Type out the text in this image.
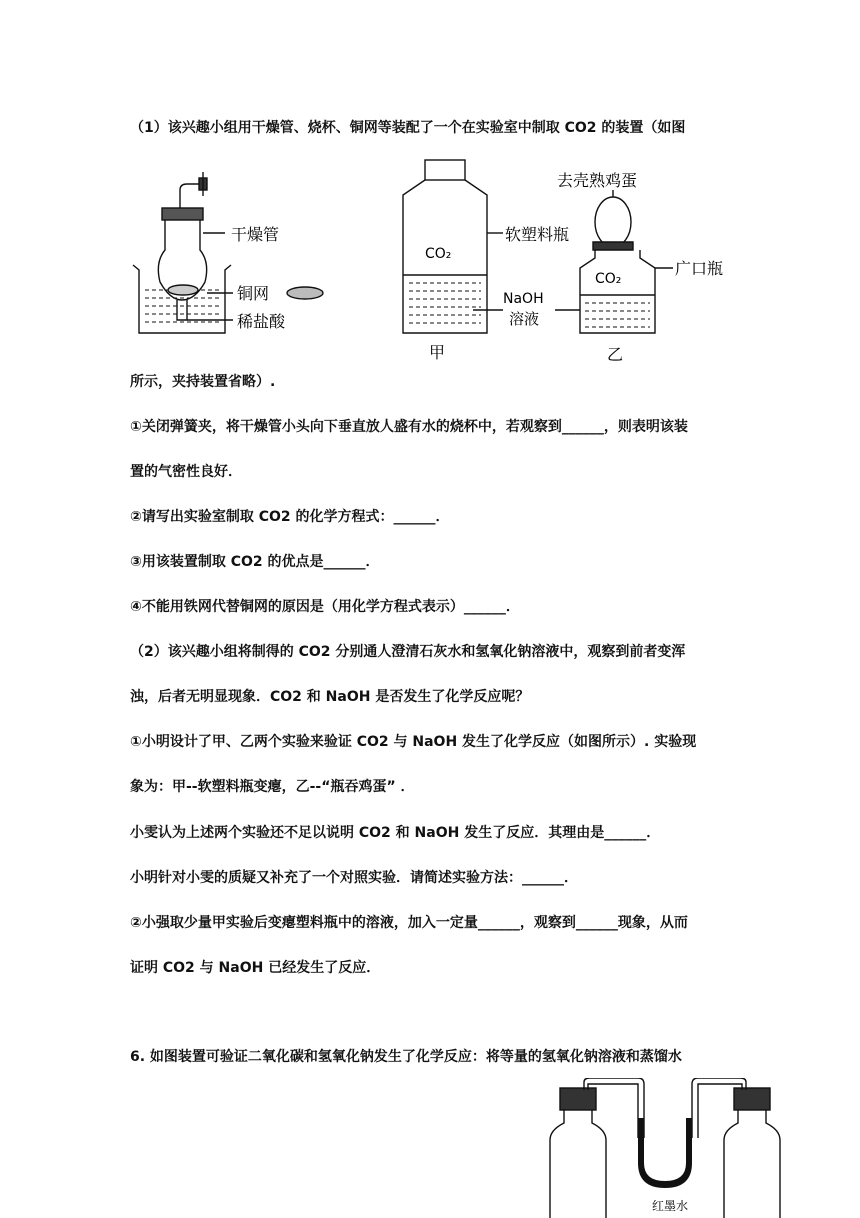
（1）该兴趣小组用干燥管、烧杯、铜网等装配了一个在实验室中制取 CO2 的装置（如图
干燥管
铜网
稀盐酸
CO₂
软塑料瓶
NaOH
溶液
甲
去壳熟鸡蛋
CO₂
广口瓶
乙
所示，夹持装置省略）.
①关闭弹簧夹，将干燥管小头向下垂直放人盛有水的烧杯中，若观察到______，则表明该装
置的气密性良好．
②请写出实验室制取 CO2 的化学方程式：______．
③用该装置制取 CO2 的优点是______．
④不能用铁网代替铜网的原因是（用化学方程式表示）______．
（2）该兴趣小组将制得的 CO2 分别通人澄清石灰水和氢氧化钠溶液中，观察到前者变浑
浊，后者无明显现象．CO2 和 NaOH 是否发生了化学反应呢？
①小明设计了甲、乙两个实验来验证 CO2 与 NaOH 发生了化学反应（如图所示）. 实验现
象为：甲--软塑料瓶变瘪，乙--“瓶吞鸡蛋” ．
小雯认为上述两个实验还不足以说明 CO2 和 NaOH 发生了反应．其理由是______．
小明针对小雯的质疑又补充了一个对照实验．请简述实验方法：______．
②小强取少量甲实验后变瘪塑料瓶中的溶液，加入一定量______，观察到______现象，从而
证明 CO2 与 NaOH 已经发生了反应．
6. 如图装置可验证二氧化碳和氢氧化钠发生了化学反应：将等量的氢氧化钠溶液和蒸馏水
红墨水
